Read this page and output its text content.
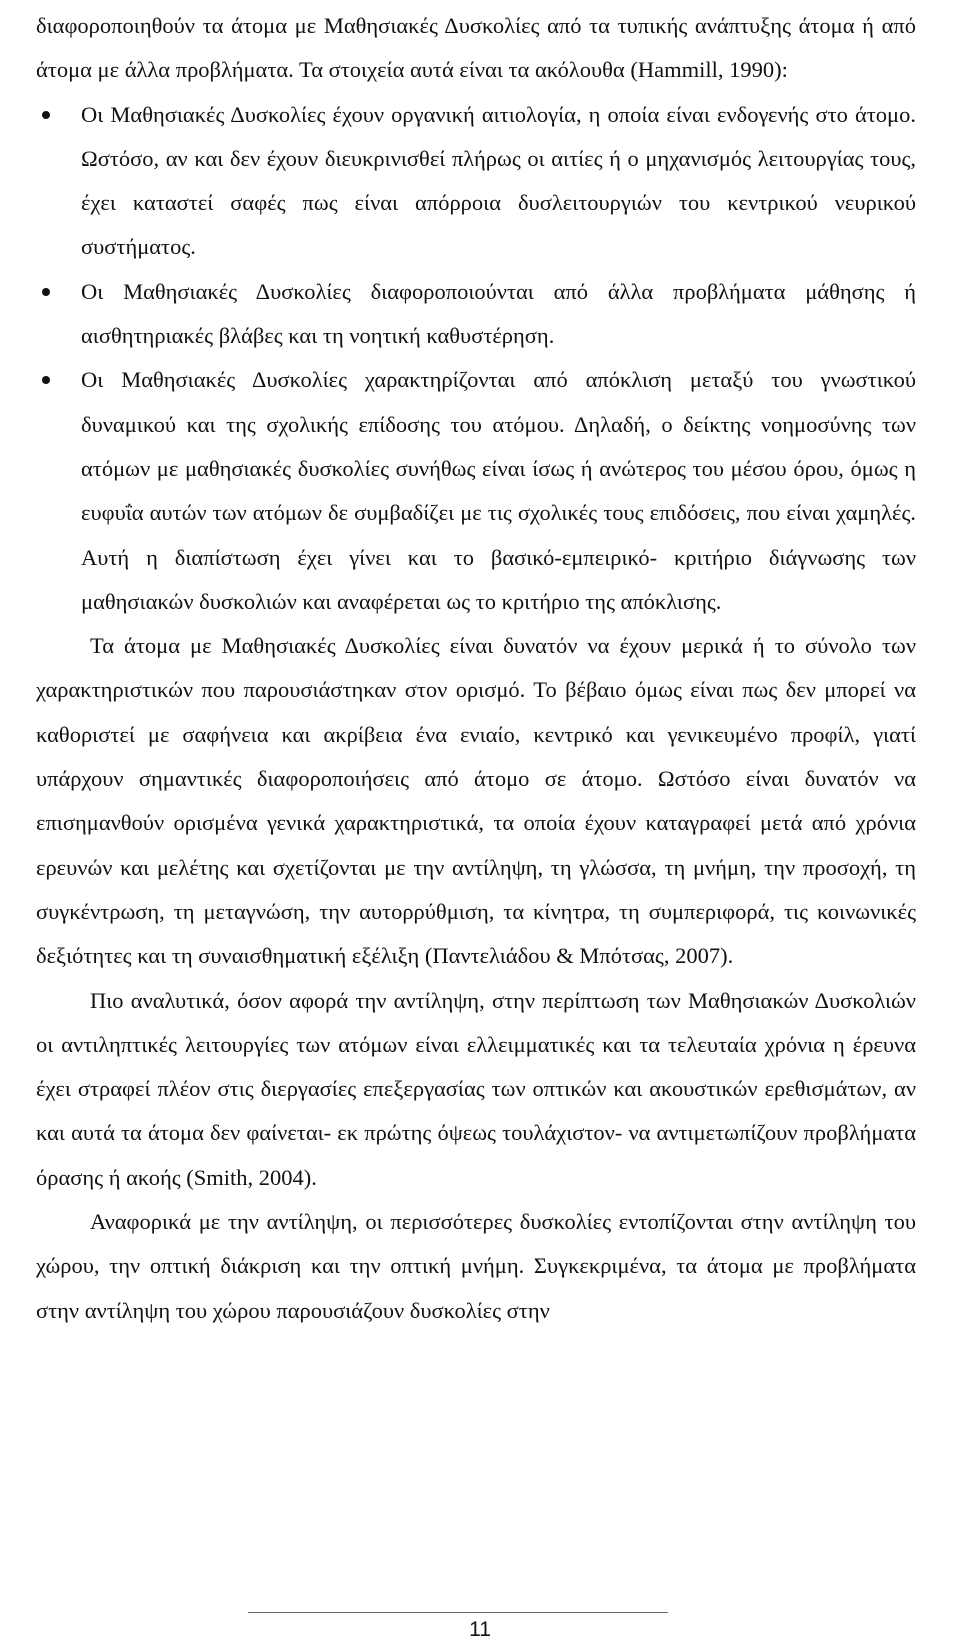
διαφοροποιηθούν τα άτομα με Μαθησιακές Δυσκολίες από τα τυπικής ανάπτυξης άτομα ή από άτομα με άλλα προβλήματα. Τα στοιχεία αυτά είναι τα ακόλουθα (Hammill, 1990):

Οι Μαθησιακές Δυσκολίες έχουν οργανική αιτιολογία, η οποία είναι ενδογενής στο άτομο. Ωστόσο, αν και δεν έχουν διευκρινισθεί πλήρως οι αιτίες ή ο μηχανισμός λειτουργίας τους, έχει καταστεί σαφές πως είναι απόρροια δυσλειτουργιών του κεντρικού νευρικού συστήματος.
Οι Μαθησιακές Δυσκολίες διαφοροποιούνται από άλλα προβλήματα μάθησης ή αισθητηριακές βλάβες και τη νοητική καθυστέρηση.
Οι Μαθησιακές Δυσκολίες χαρακτηρίζονται από απόκλιση μεταξύ του γνωστικού δυναμικού και της σχολικής επίδοσης του ατόμου. Δηλαδή, ο δείκτης νοημοσύνης των ατόμων με μαθησιακές δυσκολίες συνήθως είναι ίσως ή ανώτερος του μέσου όρου, όμως η ευφυΐα αυτών των ατόμων δε συμβαδίζει με τις σχολικές τους επιδόσεις, που είναι χαμηλές. Αυτή η διαπίστωση έχει γίνει και το βασικό-εμπειρικό- κριτήριο διάγνωσης των μαθησιακών δυσκολιών και αναφέρεται ως το κριτήριο της απόκλισης.

Τα άτομα με Μαθησιακές Δυσκολίες είναι δυνατόν να έχουν μερικά ή το σύνολο των χαρακτηριστικών που παρουσιάστηκαν στον ορισμό. Το βέβαιο όμως είναι πως δεν μπορεί να καθοριστεί με σαφήνεια και ακρίβεια ένα ενιαίο, κεντρικό και γενικευμένο προφίλ, γιατί υπάρχουν σημαντικές διαφοροποιήσεις από άτομο σε άτομο. Ωστόσο είναι δυνατόν να επισημανθούν ορισμένα γενικά χαρακτηριστικά, τα οποία έχουν καταγραφεί μετά από χρόνια ερευνών και μελέτης και σχετίζονται με την αντίληψη, τη γλώσσα, τη μνήμη, την προσοχή, τη συγκέντρωση, τη μεταγνώση, την αυτορρύθμιση, τα κίνητρα, τη συμπεριφορά, τις κοινωνικές δεξιότητες και τη συναισθηματική εξέλιξη (Παντελιάδου & Μπότσας, 2007).

Πιο αναλυτικά, όσον αφορά την αντίληψη, στην περίπτωση των Μαθησιακών Δυσκολιών οι αντιληπτικές λειτουργίες των ατόμων είναι ελλειμματικές και τα τελευταία χρόνια η έρευνα έχει στραφεί πλέον στις διεργασίες επεξεργασίας των οπτικών και ακουστικών ερεθισμάτων, αν και αυτά τα άτομα δεν φαίνεται- εκ πρώτης όψεως τουλάχιστον- να αντιμετωπίζουν προβλήματα όρασης ή ακοής (Smith, 2004).

Αναφορικά με την αντίληψη, οι περισσότερες δυσκολίες εντοπίζονται στην αντίληψη του χώρου, την οπτική διάκριση και την οπτική μνήμη. Συγκεκριμένα, τα άτομα με προβλήματα στην αντίληψη του χώρου παρουσιάζουν δυσκολίες στην

11
